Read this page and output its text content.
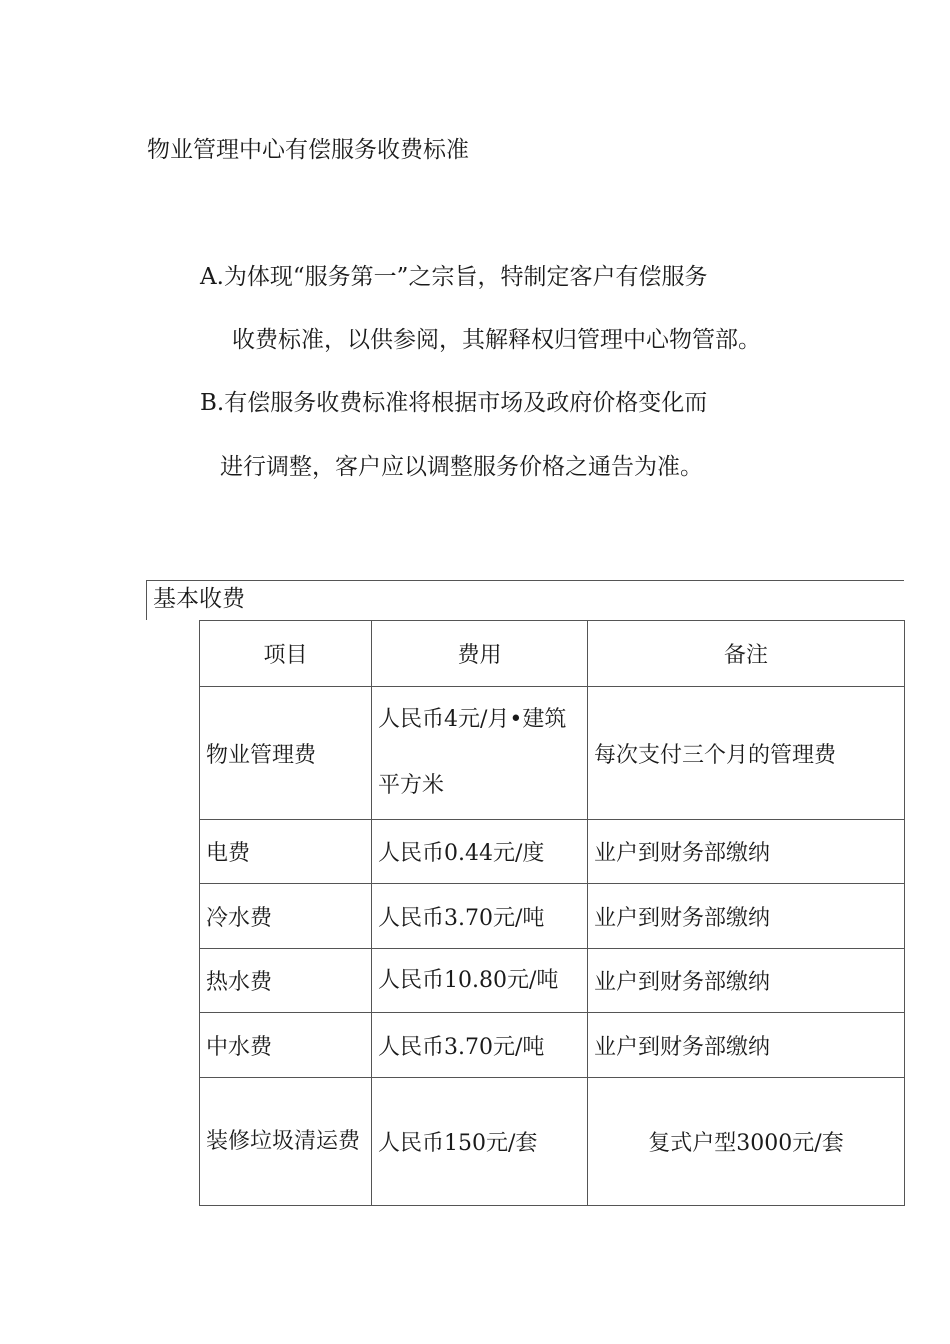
物业管理中心有偿服务收费标准
A.为体现“服务第一”之宗旨，特制定客户有偿服务
收费标准，以供参阅，其解释权归管理中心物管部。
B.有偿服务收费标准将根据市场及政府价格变化而
进行调整，客户应以调整服务价格之通告为准。
基本收费
项目	费用	备注
物业管理费	人民币4元/月•建筑平方米	每次支付三个月的管理费
电费	人民币0.44元/度	业户到财务部缴纳
冷水费	人民币3.70元/吨	业户到财务部缴纳
热水费	人民币10.80元/吨	业户到财务部缴纳
中水费	人民币3.70元/吨	业户到财务部缴纳
装修垃圾清运费	人民币150元/套	复式户型3000元/套
